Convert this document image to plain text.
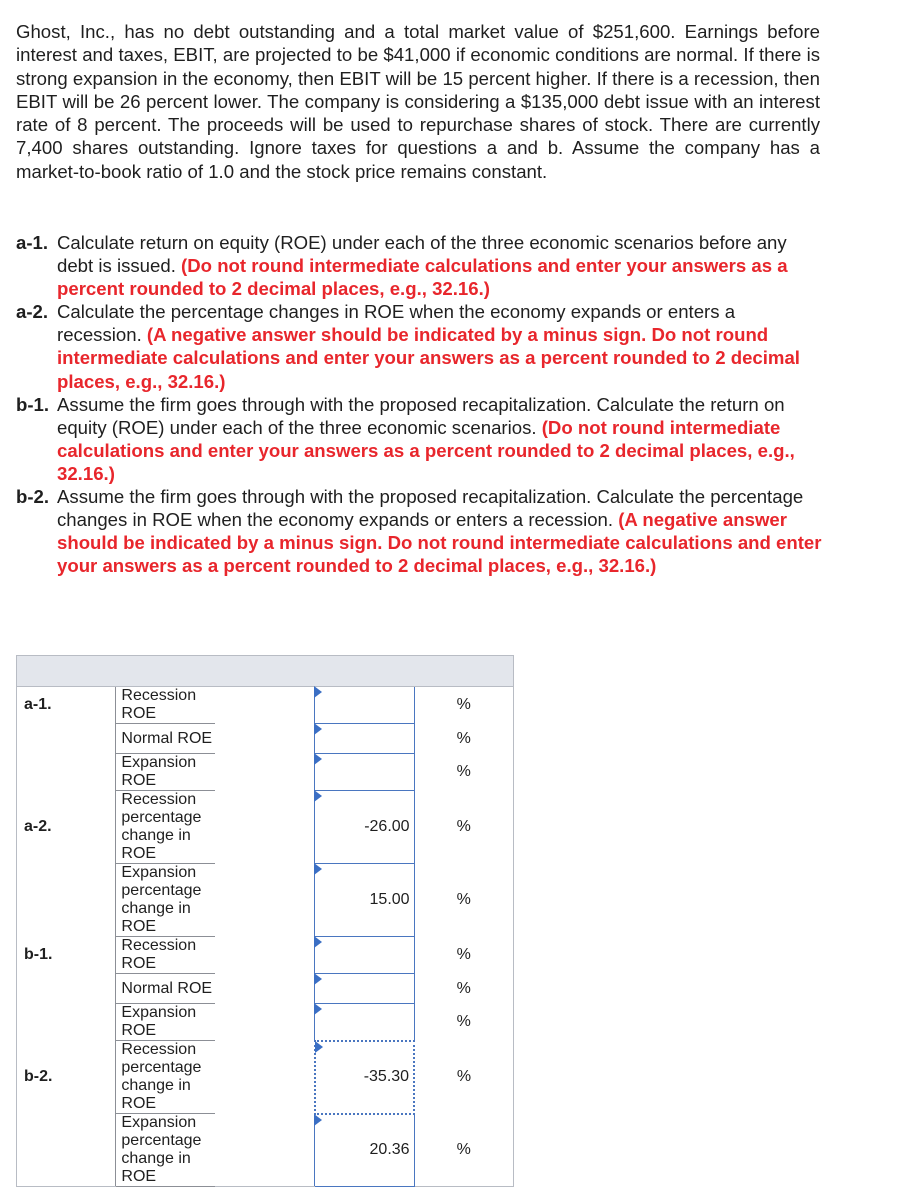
Ghost, Inc., has no debt outstanding and a total market value of $251,600. Earnings before interest and taxes, EBIT, are projected to be $41,000 if economic conditions are normal. If there is strong expansion in the economy, then EBIT will be 15 percent higher. If there is a recession, then EBIT will be 26 percent lower. The company is considering a $135,000 debt issue with an interest rate of 8 percent. The proceeds will be used to repurchase shares of stock. There are currently 7,400 shares outstanding. Ignore taxes for questions a and b. Assume the company has a market-to-book ratio of 1.0 and the stock price remains constant.

a-1. Calculate return on equity (ROE) under each of the three economic scenarios before any debt is issued. (Do not round intermediate calculations and enter your answers as a percent rounded to 2 decimal places, e.g., 32.16.)
a-2. Calculate the percentage changes in ROE when the economy expands or enters a recession. (A negative answer should be indicated by a minus sign. Do not round intermediate calculations and enter your answers as a percent rounded to 2 decimal places, e.g., 32.16.)
b-1. Assume the firm goes through with the proposed recapitalization. Calculate the return on equity (ROE) under each of the three economic scenarios. (Do not round intermediate calculations and enter your answers as a percent rounded to 2 decimal places, e.g., 32.16.)
b-2. Assume the firm goes through with the proposed recapitalization. Calculate the percentage changes in ROE when the economy expands or enters a recession. (A negative answer should be indicated by a minus sign. Do not round intermediate calculations and enter your answers as a percent rounded to 2 decimal places, e.g., 32.16.)

a-1.	Recession ROE			%
	Normal ROE			%
	Expansion ROE			%
a-2.	Recession percentage change in ROE		-26.00	%
	Expansion percentage change in ROE		15.00	%
b-1.	Recession ROE			%
	Normal ROE			%
	Expansion ROE			%
b-2.	Recession percentage change in ROE		-35.30	%
	Expansion percentage change in ROE		20.36	%
